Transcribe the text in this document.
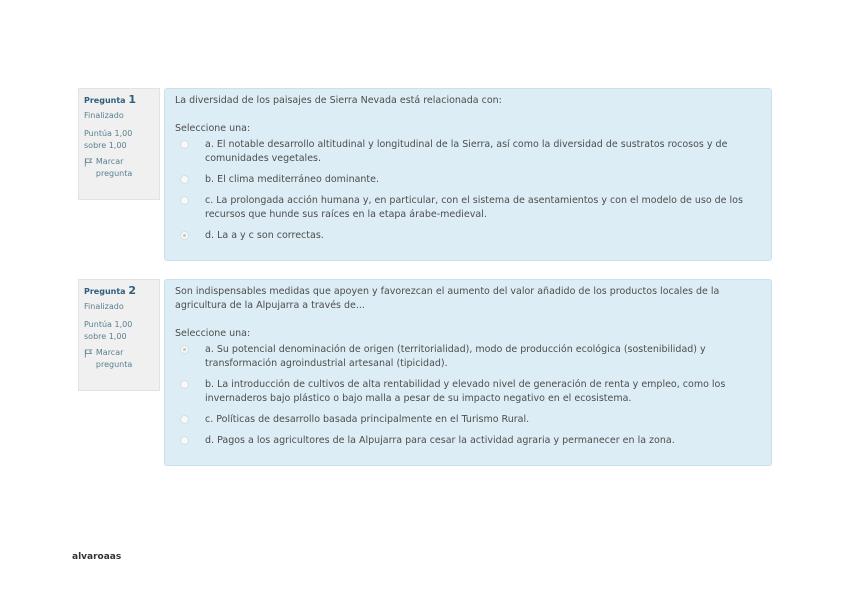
Pregunta 1
Finalizado
Puntúa 1,00 sobre 1,00
Marcar pregunta
La diversidad de los paisajes de Sierra Nevada está relacionada con:
Seleccione una:
a. El notable desarrollo altitudinal y longitudinal de la Sierra, así como la diversidad de sustratos rocosos y de comunidades vegetales.
b. El clima mediterráneo dominante.
c. La prolongada acción humana y, en particular, con el sistema de asentamientos y con el modelo de uso de los recursos que hunde sus raíces en la etapa árabe-medieval.
d. La a y c son correctas.
Pregunta 2
Finalizado
Puntúa 1,00 sobre 1,00
Marcar pregunta
Son indispensables medidas que apoyen y favorezcan el aumento del valor añadido de los productos locales de la agricultura de la Alpujarra a través de...
Seleccione una:
a. Su potencial denominación de origen (territorialidad), modo de producción ecológica (sostenibilidad) y transformación agroindustrial artesanal (tipicidad).
b. La introducción de cultivos de alta rentabilidad y elevado nivel de generación de renta y empleo, como los invernaderos bajo plástico o bajo malla a pesar de su impacto negativo en el ecosistema.
c. Políticas de desarrollo basada principalmente en el Turismo Rural.
d. Pagos a los agricultores de la Alpujarra para cesar la actividad agraria y permanecer en la zona.
alvaroaas
